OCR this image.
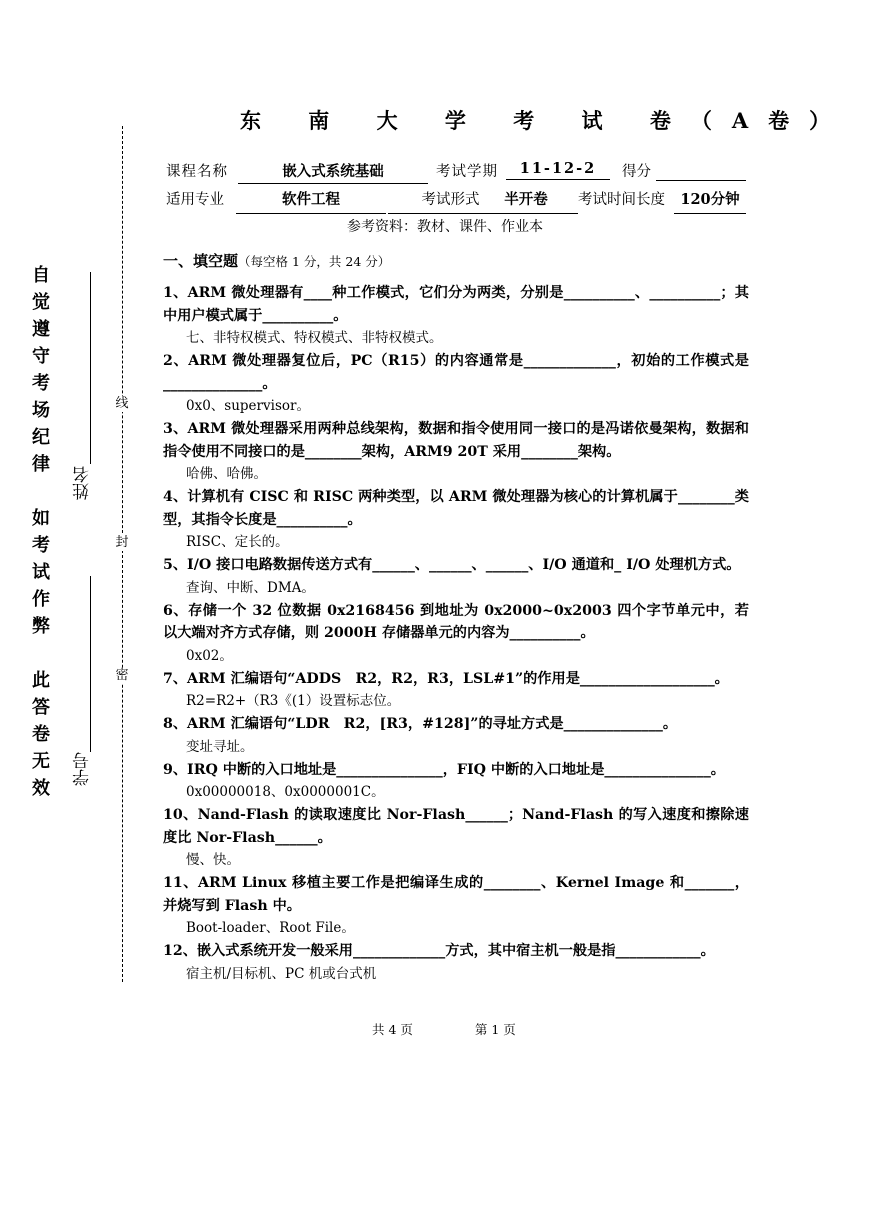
线
封
密
自
觉
遵
守
考
场
纪
律

如
考
试
作
弊

此
答
卷
无
效
姓名
学号
东 南 大 学 考 试 卷（A卷）
课程名称	嵌入式系统基础	考试学期	11-12-2	得分
适用专业	软件工程	考试形式	半开卷	考试时间长度	120分钟
参考资料：教材、课件、作业本
一、填空题（每空格 1 分，共 24 分）

1、ARM 微处理器有____种工作模式，它们分为两类，分别是__________、__________；其中用户模式属于__________。

七、非特权模式、特权模式、非特权模式。

2、ARM 微处理器复位后，PC（R15）的内容通常是_____________，初始的工作模式是______________。

0x0、supervisor。

3、ARM 微处理器采用两种总线架构，数据和指令使用同一接口的是冯诺依曼架构，数据和指令使用不同接口的是________架构，ARM9 20T 采用________架构。

哈佛、哈佛。

4、计算机有 CISC 和 RISC 两种类型，以 ARM 微处理器为核心的计算机属于________类型，其指令长度是__________。

RISC、定长的。

5、I/O 接口电路数据传送方式有______、______、______、I/O 通道和_ I/O 处理机方式。

查询、中断、DMA。

6、存储一个 32 位数据 0x2168456 到地址为 0x2000~0x2003 四个字节单元中，若以大端对齐方式存储，则 2000H 存储器单元的内容为__________。

0x02。

7、ARM 汇编语句“ADDS　R2，R2，R3，LSL#1”的作用是___________________。

R2=R2+（R3《(1）设置标志位。

8、ARM 汇编语句“LDR　R2，[R3，#128]”的寻址方式是______________。

变址寻址。

9、IRQ 中断的入口地址是_______________，FIQ 中断的入口地址是_______________。

0x00000018、0x0000001C。

10、Nand-Flash 的读取速度比 Nor-Flash______；Nand-Flash 的写入速度和擦除速度比 Nor-Flash______。

慢、快。

11、ARM Linux 移植主要工作是把编译生成的________、Kernel Image 和_______，并烧写到 Flash 中。

Boot-loader、Root File。

12、嵌入式系统开发一般采用_____________方式，其中宿主机一般是指____________。

宿主机/目标机、PC 机或台式机

共 4 页	第 1 页
